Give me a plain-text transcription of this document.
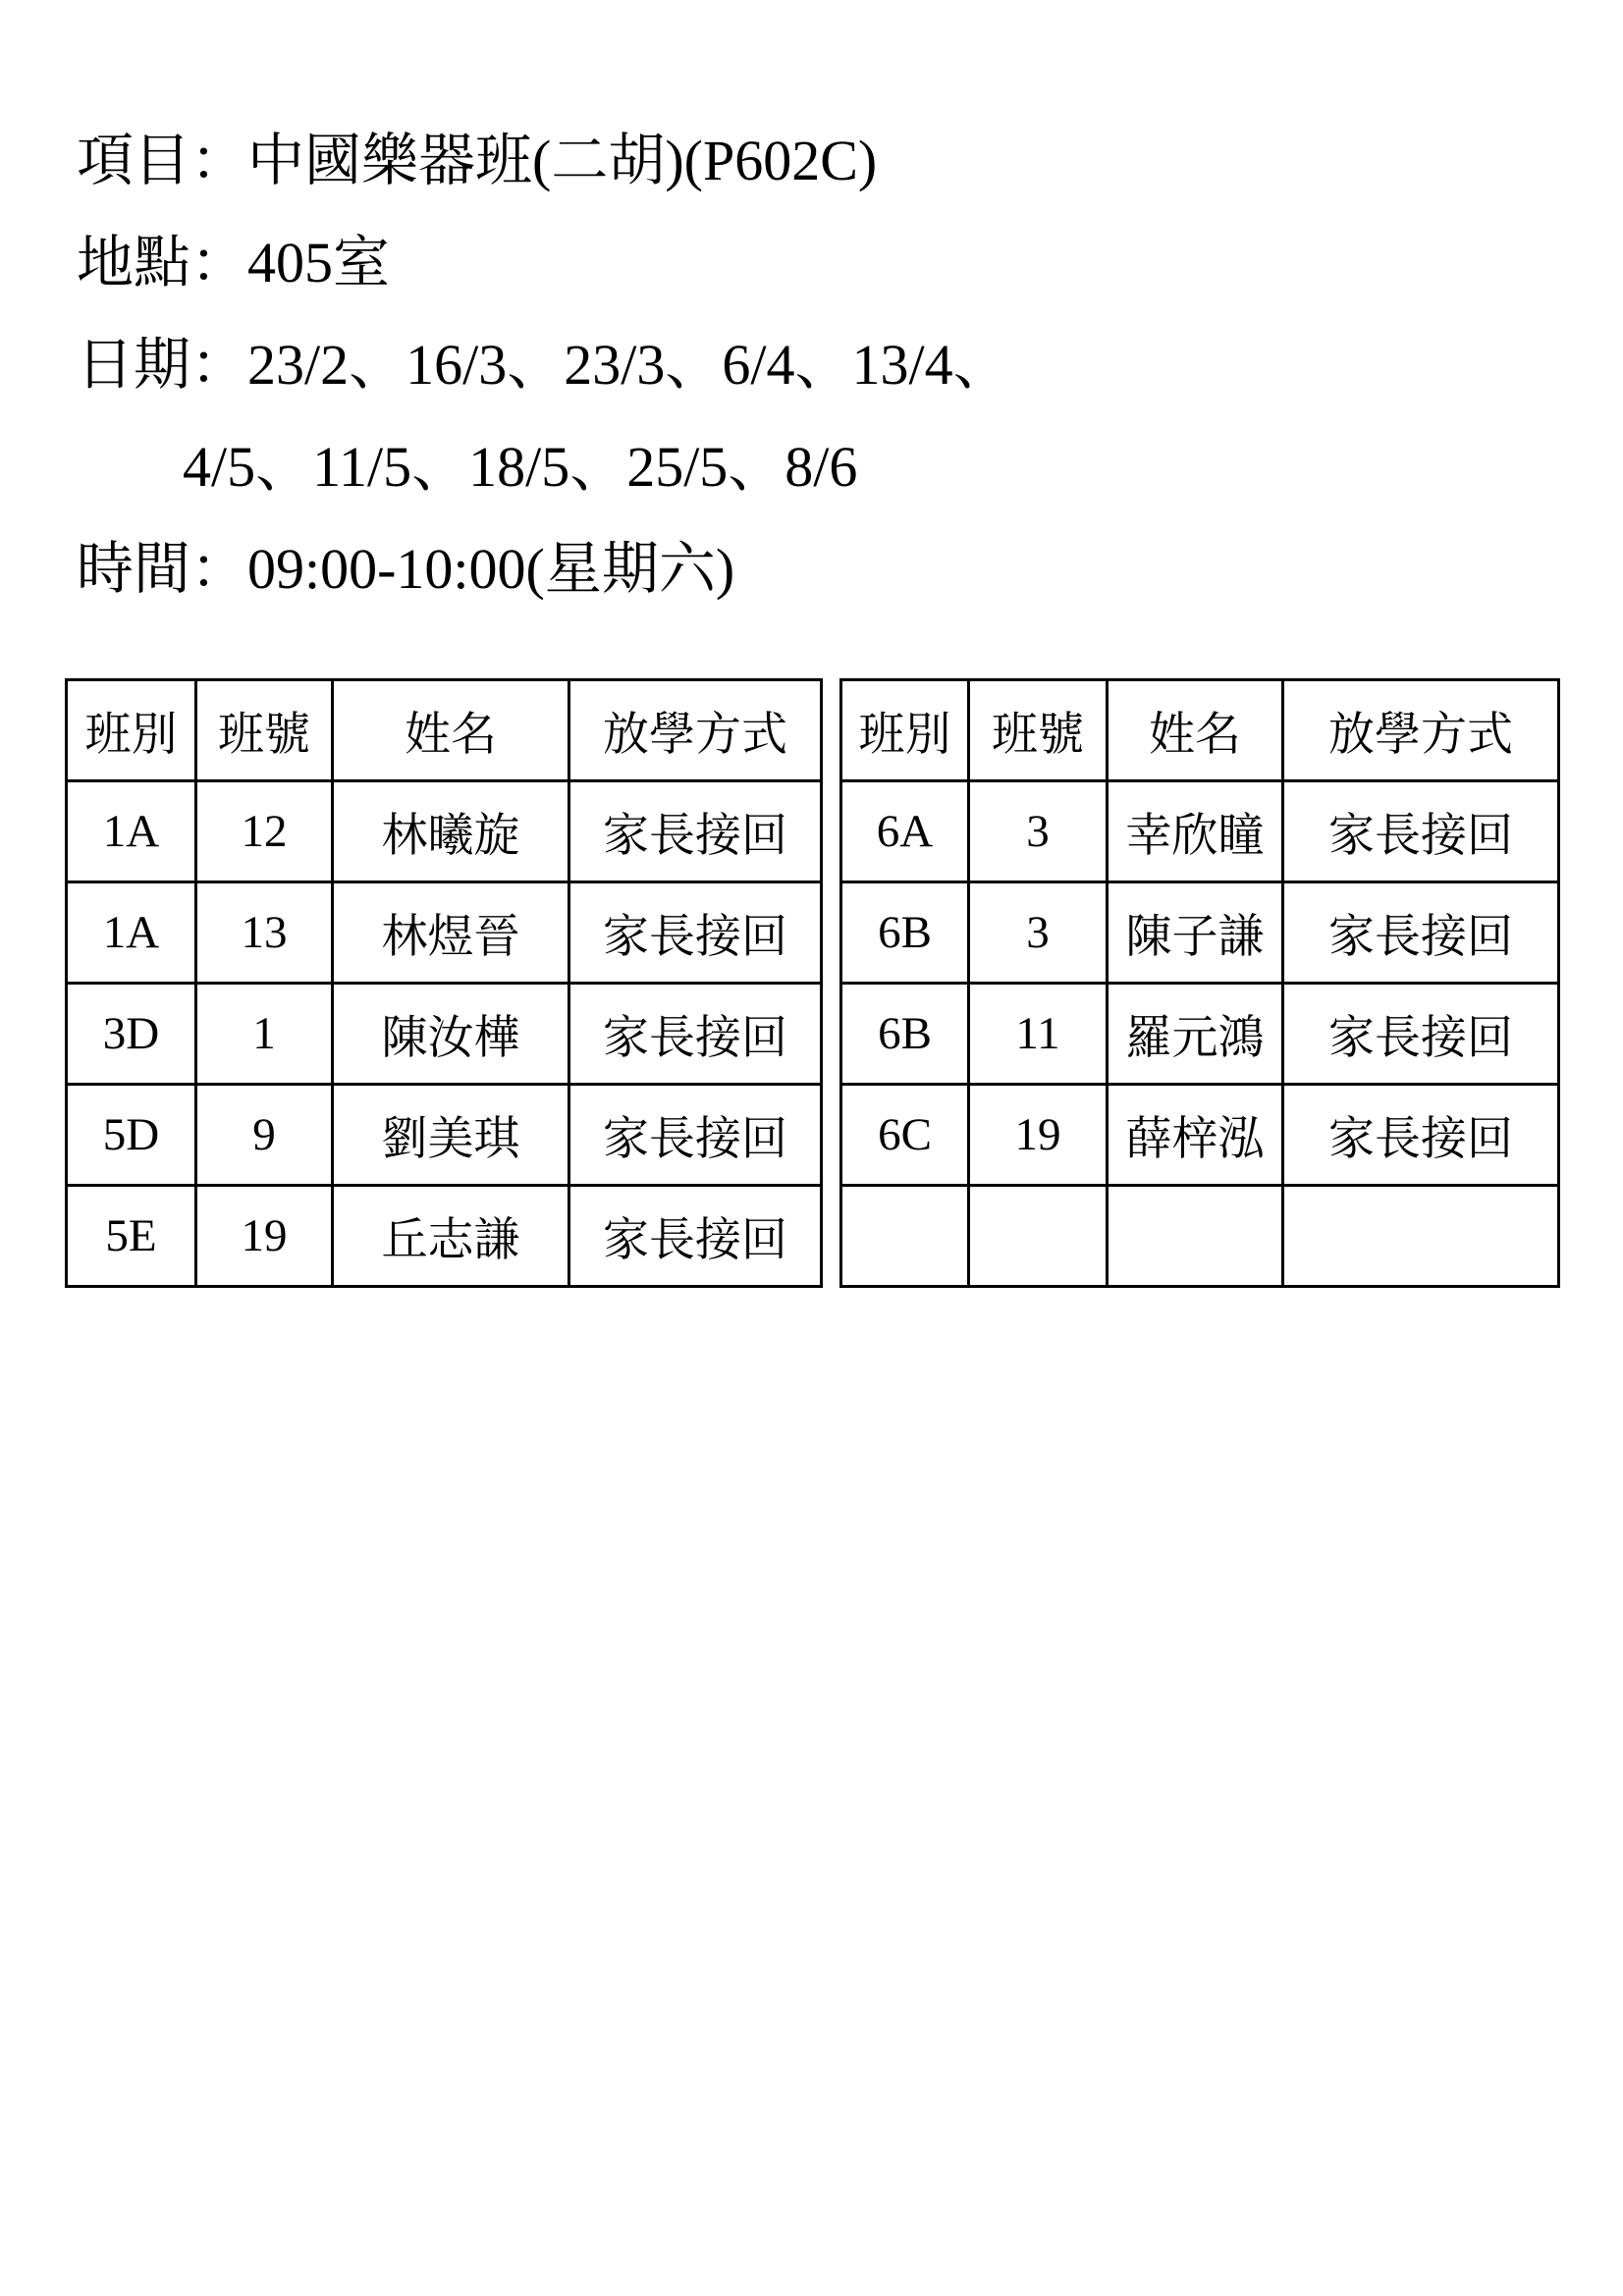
項目：中國樂器班(二胡)(P602C)
地點：405室
日期：23/2、16/3、23/3、6/4、13/4、
4/5、11/5、18/5、25/5、8/6
時間：09:00-10:00(星期六)
班別	班號	姓名	放學方式
1A	12	林曦旋	家長接回
1A	13	林煜晉	家長接回
3D	1	陳汝樺	家長接回
5D	9	劉美琪	家長接回
5E	19	丘志謙	家長接回
班別	班號	姓名	放學方式
6A	3	幸欣瞳	家長接回
6B	3	陳子謙	家長接回
6B	11	羅元鴻	家長接回
6C	19	薛梓泓	家長接回
